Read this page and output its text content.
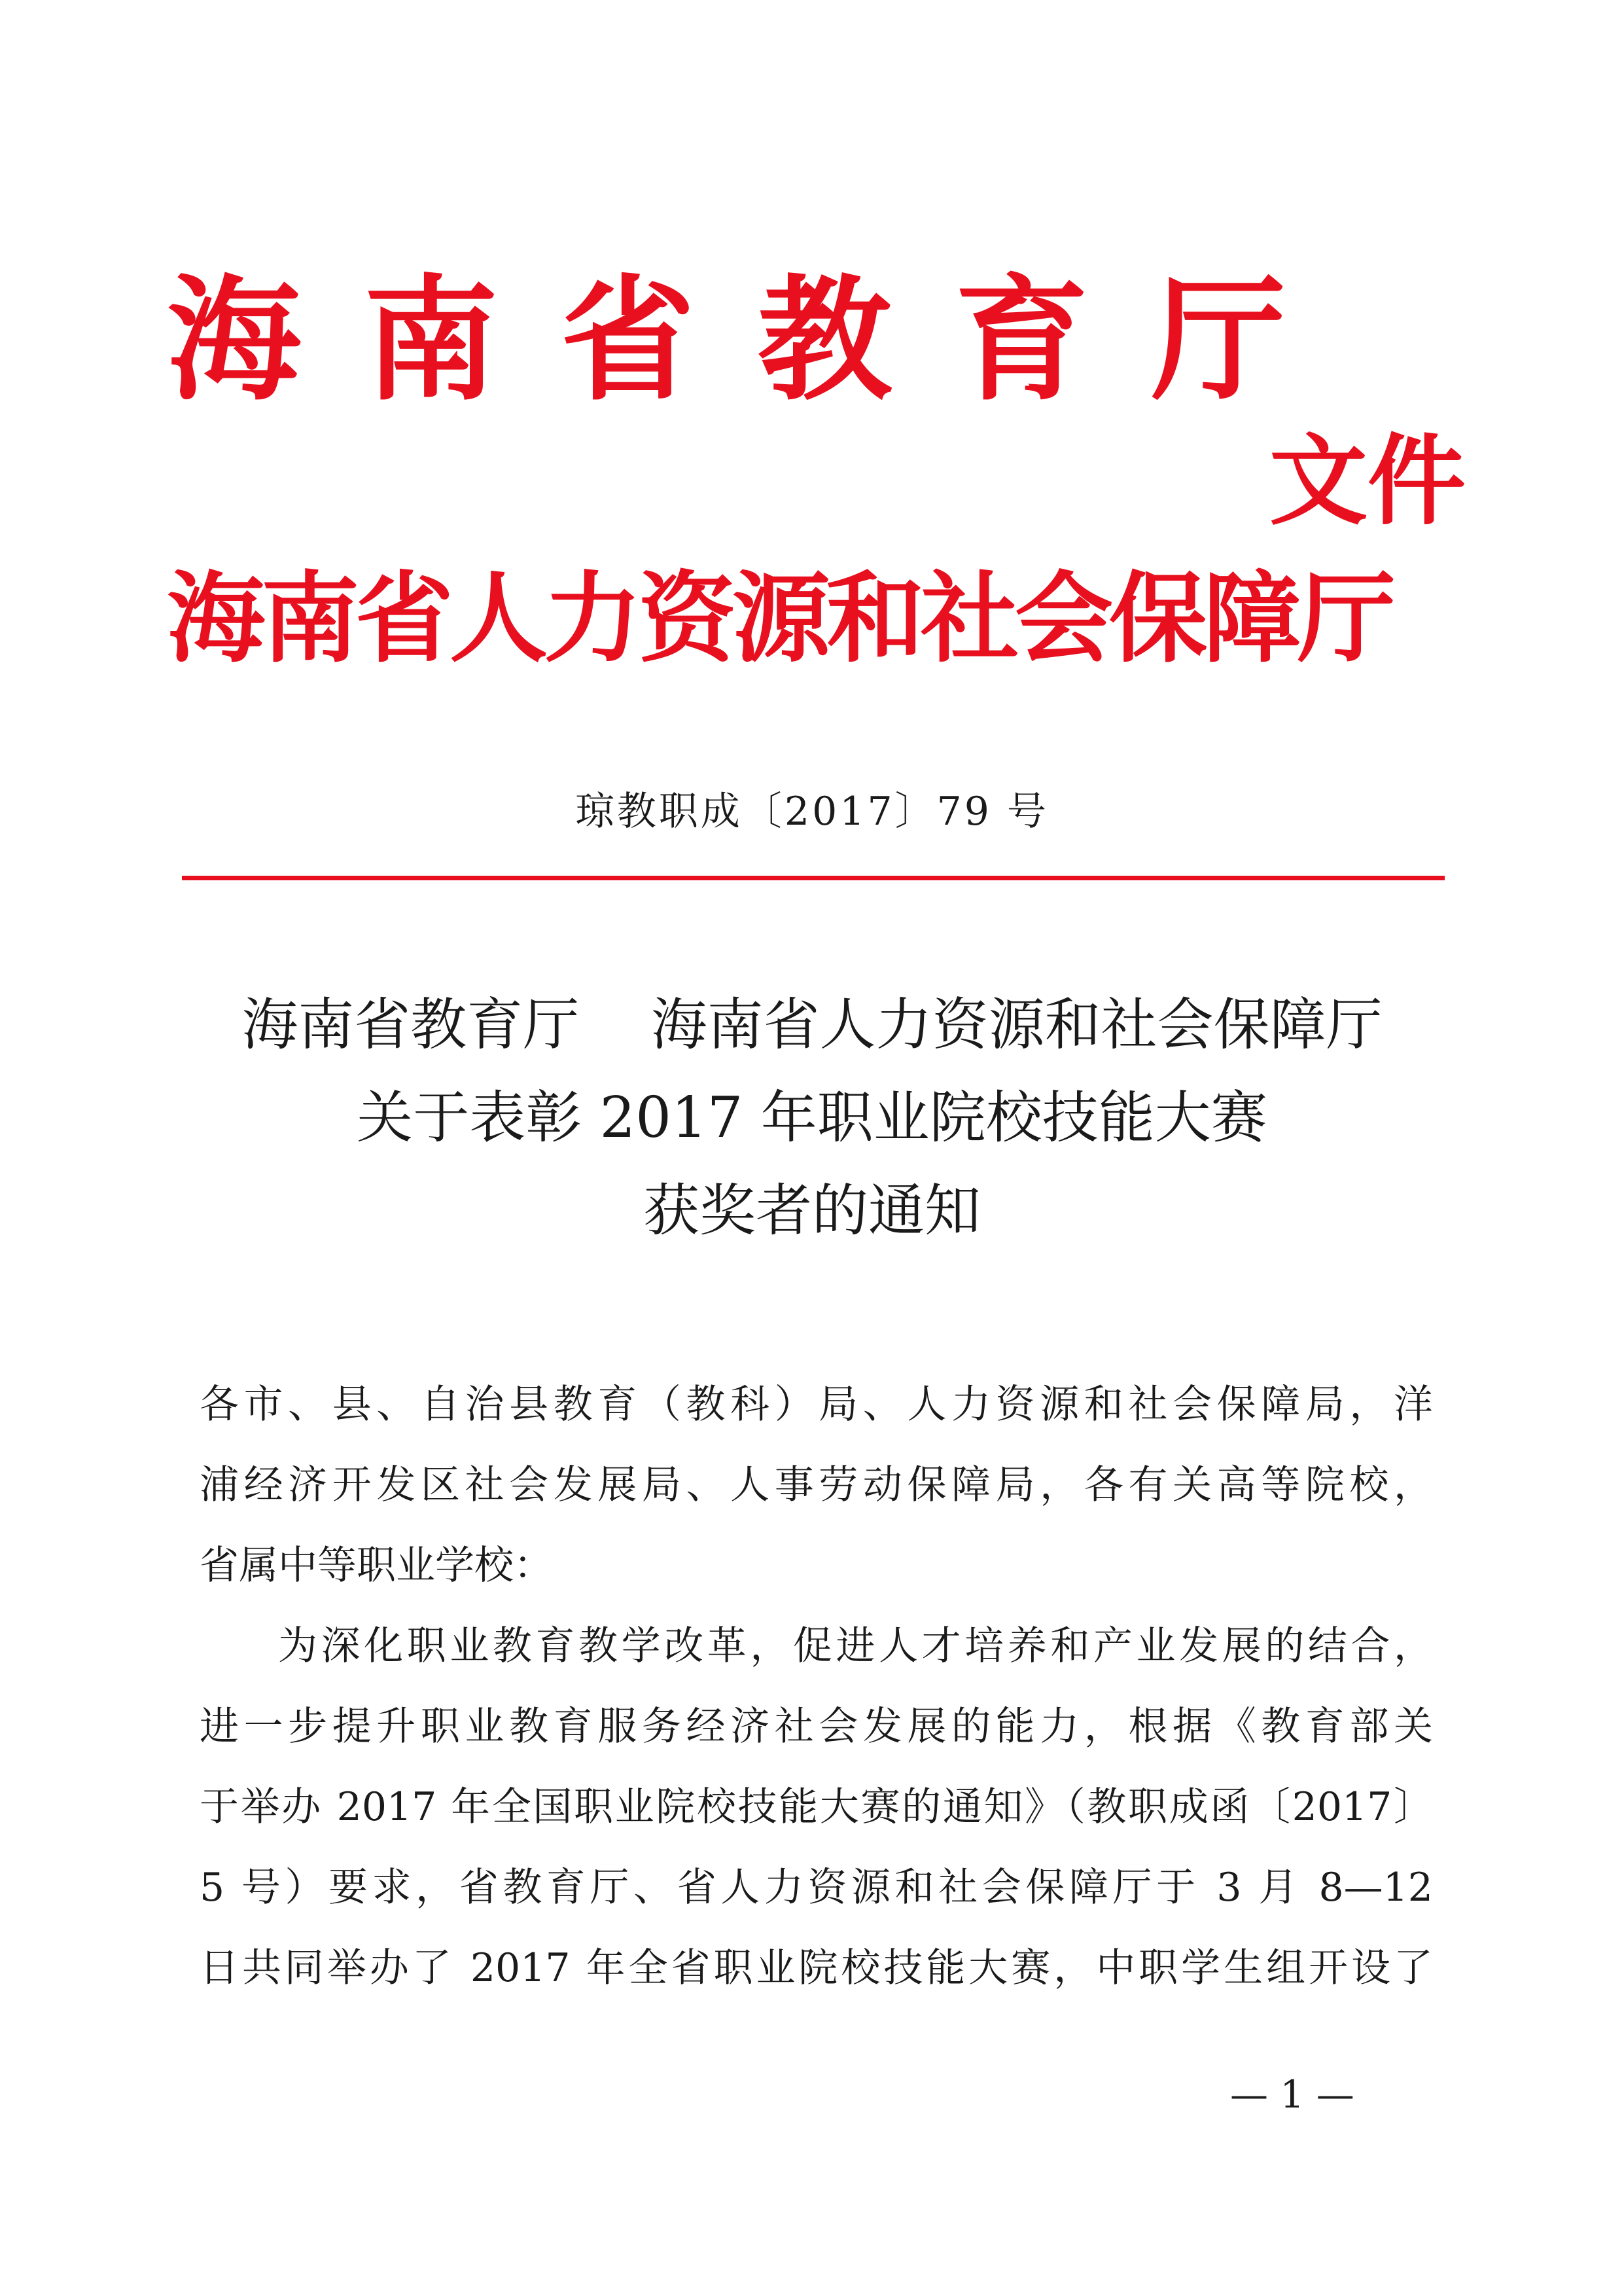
海南省教育厅
文件
海南省人力资源和社会保障厅
琼教职成〔2017〕79 号
海南省教育厅    海南省人力资源和社会保障厅
关于表彰 2017 年职业院校技能大赛
获奖者的通知
各市、县、自治县教育（教科）局、人力资源和社会保障局，洋
浦经济开发区社会发展局、人事劳动保障局，各有关高等院校，
省属中等职业学校：
为深化职业教育教学改革，促进人才培养和产业发展的结合，
进一步提升职业教育服务经济社会发展的能力，根据《教育部关
于举办 2017 年全国职业院校技能大赛的通知》（教职成函〔2017〕
5 号）要求，省教育厅、省人力资源和社会保障厅于 3 月 8—12
日共同举办了 2017 年全省职业院校技能大赛，中职学生组开设了
— 1 —
